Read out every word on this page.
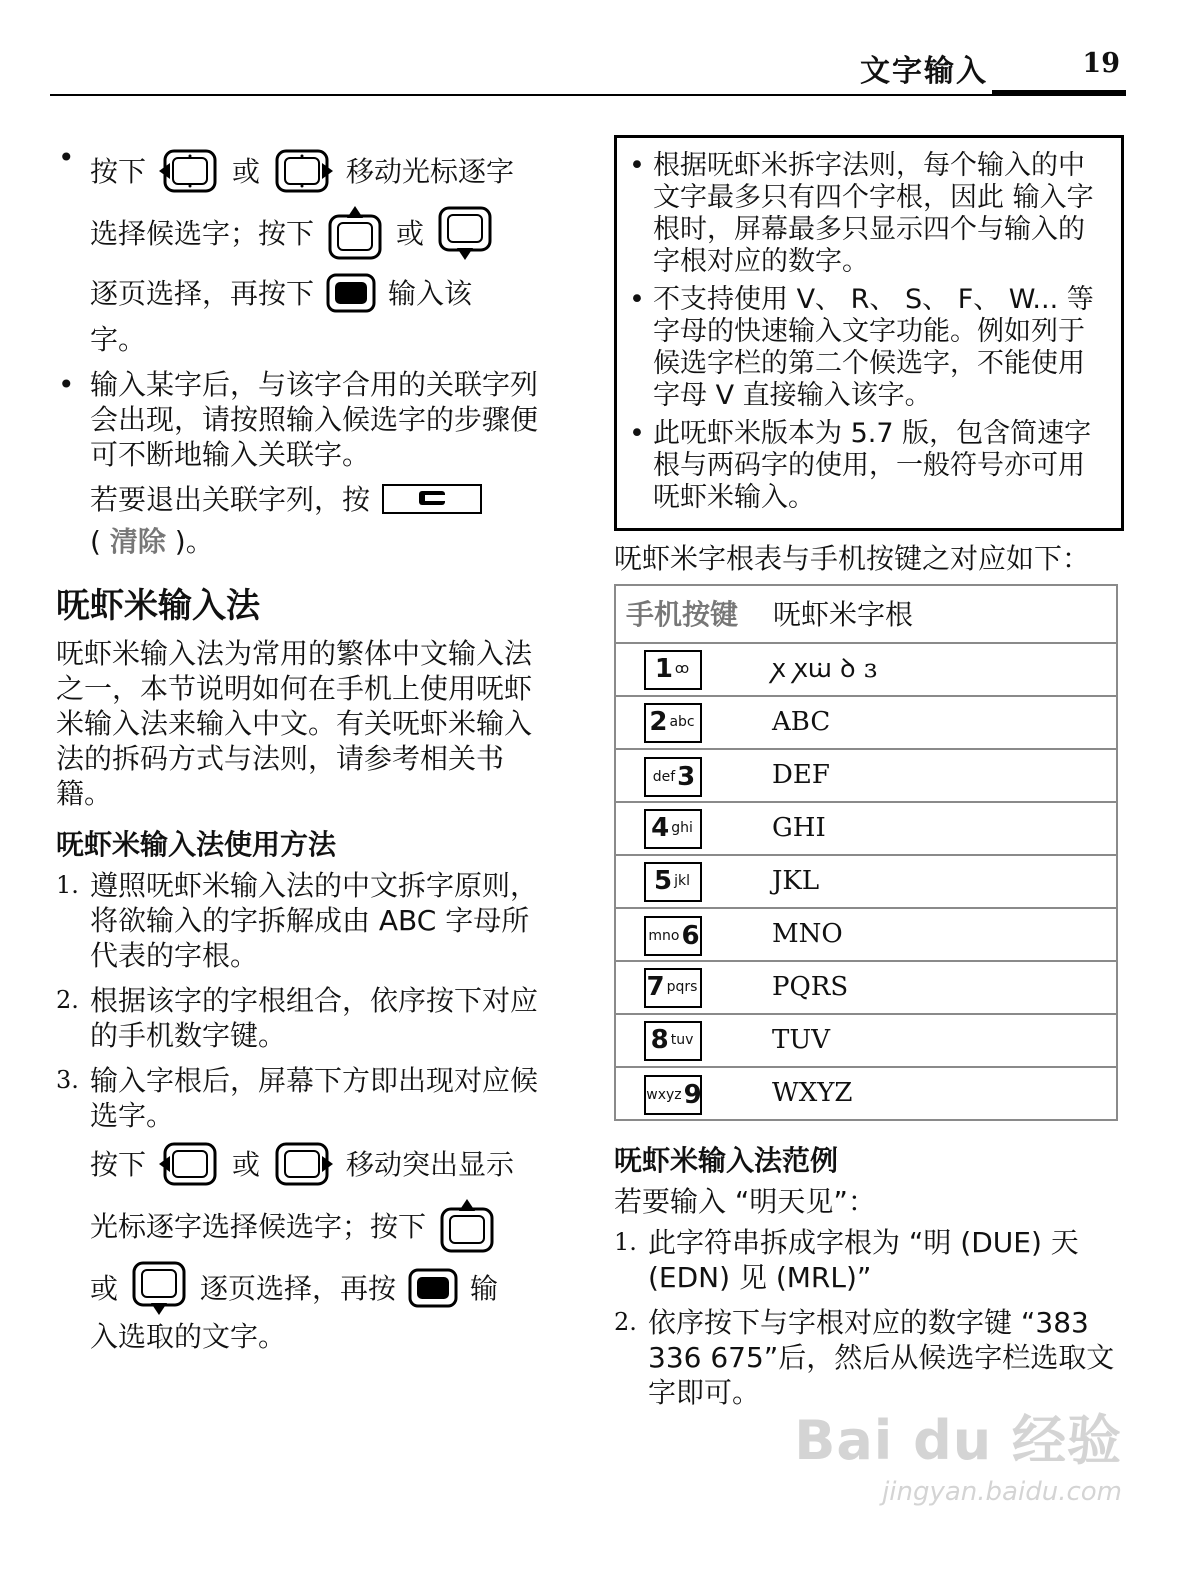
文字输入	19
• 按下	或	移动光标逐字
选择候选字；按下	或
逐页选择，再按下	输入该
字。
• 输入某字后，与该字合用的关联字列会出现，请按照输入候选字的步骤便可不断地输入关联字。
若要退出关联字列，按
( 清除 )。
呒虾米输入法

呒虾米输入法为常用的繁体中文输入法之一，本节说明如何在手机上使用呒虾米输入法来输入中文。有关呒虾米输入法的拆码方式与法则，请参考相关书籍。

呒虾米输入法使用方法
1. 遵照呒虾米输入法的中文拆字原则，将欲输入的字拆解成由 ABC 字母所代表的字根。
2. 根据该字的字根组合，依序按下对应的手机数字键。
3. 输入字根后，屏幕下方即出现对应候选字。
按下	或	移动突出显示
光标逐字选择候选字；按下
或	逐页选择，再按	输
入选取的文字。
• 根据呒虾米拆字法则，每个输入的中文字最多只有四个字根，因此 输入字根时，屏幕最多只显示四个与输入的字根对应的数字。
• 不支持使用 V、 R、 S、 F、 W... 等字母的快速输入文字功能。例如列于候选字栏的第二个候选字，不能使用字母 V 直接输入该字。
• 此呒虾米版本为 5.7 版，包含简速字根与两码字的使用，一般符号亦可用呒虾米输入。

呒虾米字根表与手机按键之对应如下：

手机按键	呒虾米字根

1 ꝏ	ꭗ ꭗꭐ ꝺ ɜ

2 abc	ABC

def 3	DEF

4 ghi	GHI

5 jkl	JKL

mno 6	MNO

7 pqrs	PQRS

8 tuv	TUV

wxyz 9	WXYZ
呒虾米输入法范例

若要输入 “明天见”：

1. 此字符串拆成字根为 “明 (DUE) 天 (EDN) 见 (MRL)”
2. 依序按下与字根对应的数字键 “383 336 675”后，然后从候选字栏选取文字即可。
Bai du 经验
jingyan.baidu.com
